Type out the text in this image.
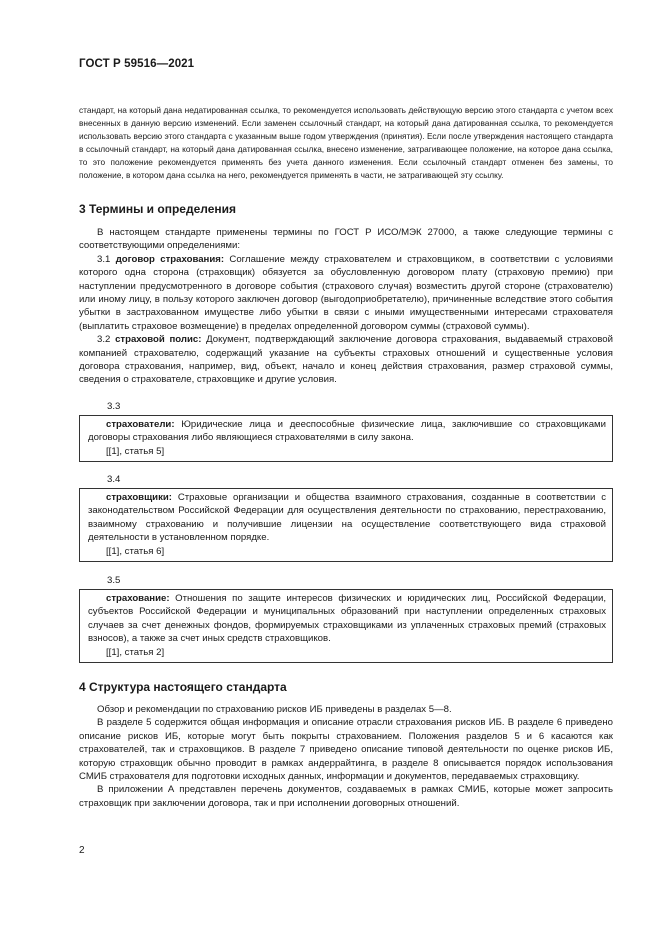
ГОСТ Р 59516—2021

стандарт, на который дана недатированная ссылка, то рекомендуется использовать действующую версию этого стандарта с учетом всех внесенных в данную версию изменений. Если заменен ссылочный стандарт, на который дана датированная ссылка, то рекомендуется использовать версию этого стандарта с указанным выше годом утверждения (принятия). Если после утверждения настоящего стандарта в ссылочный стандарт, на который дана датированная ссылка, внесено изменение, затрагивающее положение, на которое дана ссылка, то это положение рекомендуется применять без учета данного изменения. Если ссылочный стандарт отменен без замены, то положение, в котором дана ссылка на него, рекомендуется применять в части, не затрагивающей эту ссылку.

3 Термины и определения

В настоящем стандарте применены термины по ГОСТ Р ИСО/МЭК 27000, а также следующие термины с соответствующими определениями:

3.1 договор страхования: Соглашение между страхователем и страховщиком, в соответствии с условиями которого одна сторона (страховщик) обязуется за обусловленную договором плату (страховую премию) при наступлении предусмотренного в договоре события (страхового случая) возместить другой стороне (страхователю) или иному лицу, в пользу которого заключен договор (выгодоприобретателю), причиненные вследствие этого события убытки в застрахованном имуществе либо убытки в связи с иными имущественными интересами страхователя (выплатить страховое возмещение) в пределах определенной договором суммы (страховой суммы).

3.2 страховой полис: Документ, подтверждающий заключение договора страхования, выдаваемый страховой компанией страхователю, содержащий указание на субъекты страховых отношений и существенные условия договора страхования, например, вид, объект, начало и конец действия страхования, размер страховой суммы, сведения о страхователе, страховщике и другие условия.

3.3

страхователи: Юридические лица и дееспособные физические лица, заключившие со страховщиками договоры страхования либо являющиеся страхователями в силу закона.

[[1], статья 5]

3.4

страховщики: Страховые организации и общества взаимного страхования, созданные в соответствии с законодательством Российской Федерации для осуществления деятельности по страхованию, перестрахованию, взаимному страхованию и получившие лицензии на осуществление соответствующего вида страховой деятельности в установленном порядке.

[[1], статья 6]

3.5

страхование: Отношения по защите интересов физических и юридических лиц, Российской Федерации, субъектов Российской Федерации и муниципальных образований при наступлении определенных страховых случаев за счет денежных фондов, формируемых страховщиками из уплаченных страховых премий (страховых взносов), а также за счет иных средств страховщиков.

[[1], статья 2]

4 Структура настоящего стандарта

Обзор и рекомендации по страхованию рисков ИБ приведены в разделах 5—8.

В разделе 5 содержится общая информация и описание отрасли страхования рисков ИБ. В разделе 6 приведено описание рисков ИБ, которые могут быть покрыты страхованием. Положения разделов 5 и 6 касаются как страхователей, так и страховщиков. В разделе 7 приведено описание типовой деятельности по оценке рисков ИБ, которую страховщик обычно проводит в рамках андеррайтинга, в разделе 8 описывается порядок использования СМИБ страхователя для подготовки исходных данных, информации и документов, передаваемых страховщику.

В приложении А представлен перечень документов, создаваемых в рамках СМИБ, которые может запросить страховщик при заключении договора, так и при исполнении договорных отношений.

2
